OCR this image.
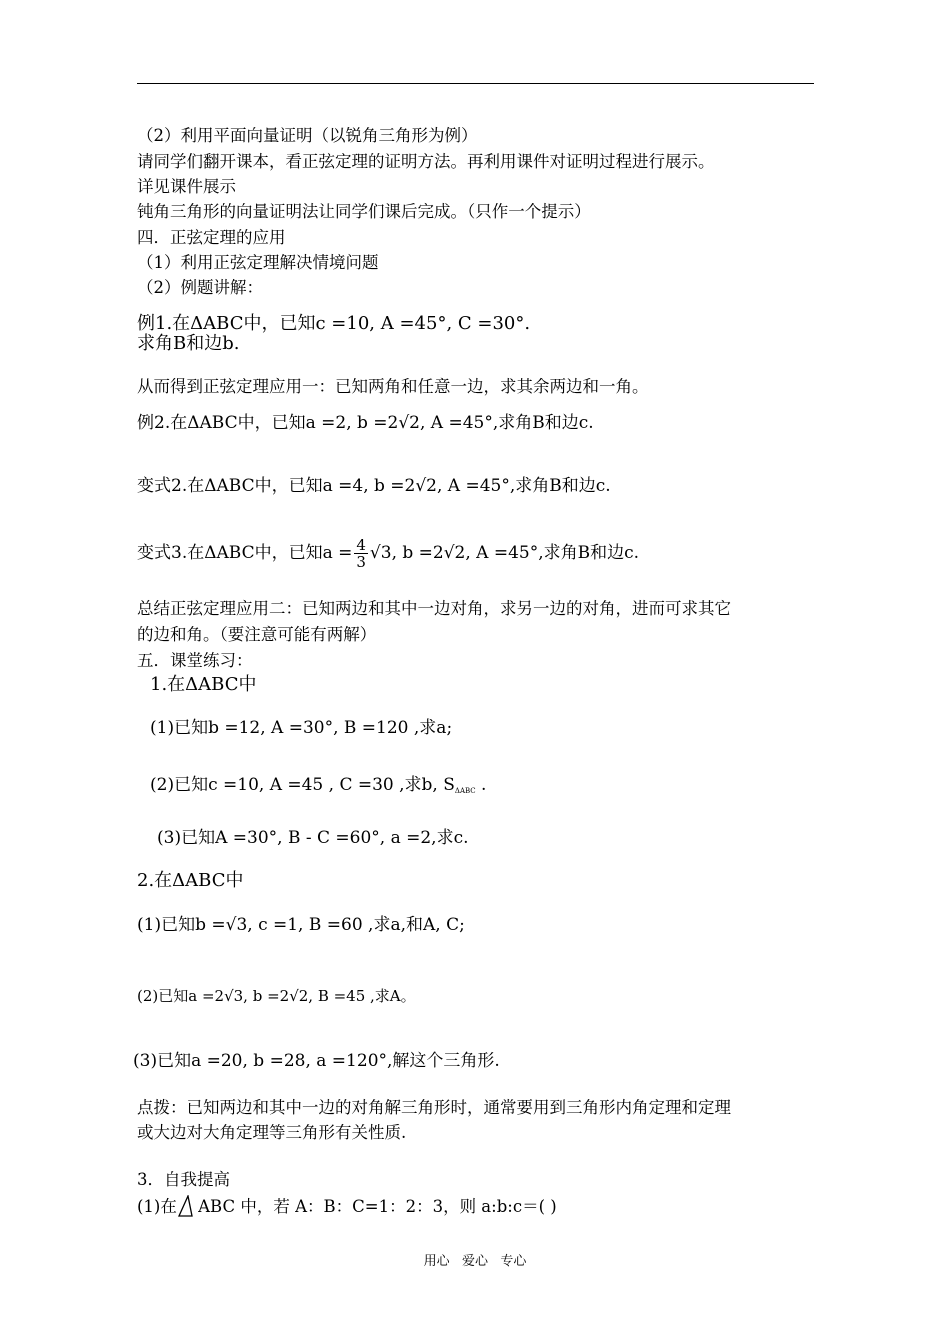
（2）利用平面向量证明（以锐角三角形为例）
请同学们翻开课本，看正弦定理的证明方法。再利用课件对证明过程进行展示。
详见课件展示
钝角三角形的向量证明法让同学们课后完成。（只作一个提示）
四．正弦定理的应用
（1）利用正弦定理解决情境问题
（2）例题讲解：
例1.在ΔABC中，已知c =10, A =45°, C =30°.
求角B和边b.
从而得到正弦定理应用一：已知两角和任意一边，求其余两边和一角。
例2.在ΔABC中，已知a =2, b =2√2, A =45°,求角B和边c.
变式2.在ΔABC中，已知a =4, b =2√2, A =45°,求角B和边c.
变式3.在ΔABC中，已知$a = \frac{4}{3} √3$, b =2√2, A =45°,求角B和边c.
总结正弦定理应用二：已知两边和其中一边对角，求另一边的对角，进而可求其它
的边和角。（要注意可能有两解）
五．课堂练习：
1.在ΔABC中
(1)已知b =12, A =30°, B =120 ,求a;
(2)已知c =10, A =45 , C =30 ,求b, $S_{\Delta ABC}$ .
(3)已知A =30°, B - C =60°, a =2,求c.
2.在ΔABC中
(1)已知b =√3, c =1, B =60 ,求a,和A, C;
(2)已知a =2√3, b =2√2, B =45 ,求A。
(3)已知a =20, b =28, a =120°,解这个三角形.
点拨：已知两边和其中一边的对角解三角形时，通常要用到三角形内角定理和定理
或大边对大角定理等三角形有关性质.
3．自我提高
(1)在 ABC 中，若 A：B：C=1：2：3，则 a:b:c＝( )
用心   爱心   专心
